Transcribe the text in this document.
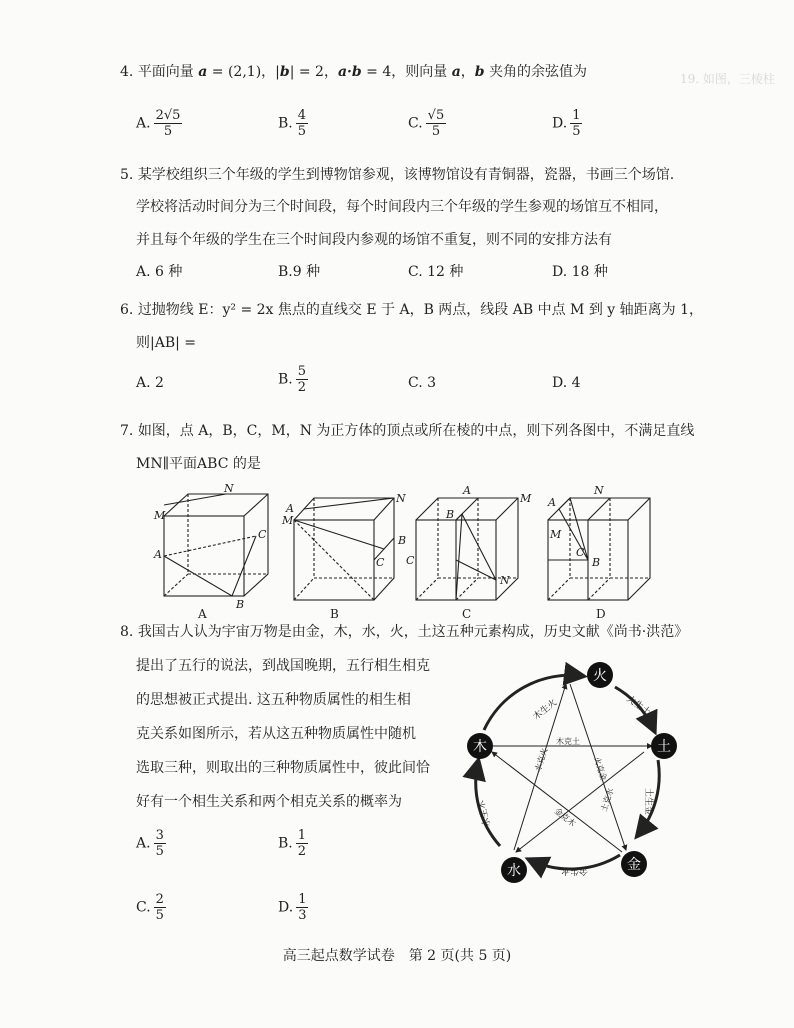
19. 如图，三棱柱
4. 平面向量 a = (2,1)，|b| = 2，a·b = 4，则向量 a，b 夹角的余弦值为
A. $\frac{2√5}{5}$	B. $\frac{4}{5}$	C. $\frac{√5}{5}$	D. $\frac{1}{5}$
5. 某学校组织三个年级的学生到博物馆参观，该博物馆设有青铜器，瓷器，书画三个场馆.
学校将活动时间分为三个时间段，每个时间段内三个年级的学生参观的场馆互不相同，
并且每个年级的学生在三个时间段内参观的场馆不重复，则不同的安排方法有
A. 6 种	B.9 种	C. 12 种	D. 18 种
6. 过抛物线 E：y² = 2x 焦点的直线交 E 于 A，B 两点，线段 AB 中点 M 到 y 轴距离为 1，
则|AB| =
A. 2	B. $\frac{5}{2}$	C. 3	D. 4
7. 如图，点 A，B，C，M，N 为正方体的顶点或所在棱的中点，则下列各图中，不满足直线
MN∥平面ABC 的是
M
N
C
B
A
M
N
A
B
C
A
B
M
N
C
A
M
C
B
N
A	B	C	D
8. 我国古人认为宇宙万物是由金，木，水，火，土这五种元素构成，历史文献《尚书·洪范》
提出了五行的说法，到战国晚期，五行相生相克
的思想被正式提出. 这五种物质属性的相生相
克关系如图所示，若从这五种物质属性中随机
选取三种，则取出的三种物质属性中，彼此间恰
好有一个相生关系和两个相克关系的概率为
A. $\frac{3}{5}$	B. $\frac{1}{2}$
C. $\frac{2}{5}$	D. $\frac{1}{3}$
火
土
金
水
木
木生火	火生土
土生金
金生水
水生木
木克土
土克水
水克火	火克金
金克木
高三起点数学试卷　第 2 页(共 5 页)
